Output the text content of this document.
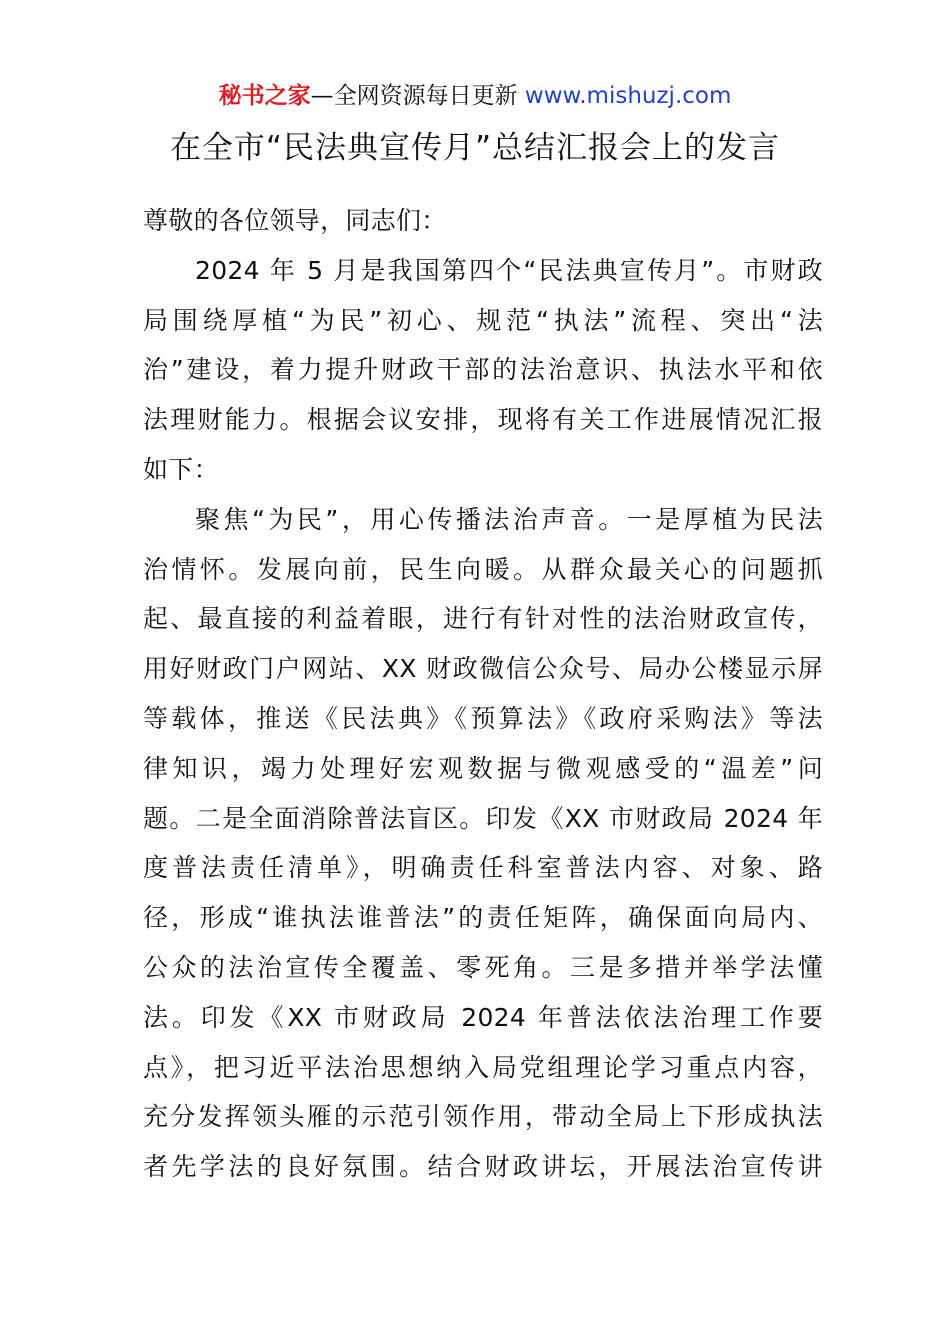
秘书之家—全网资源每日更新 www.mishuzj.com
在全市“民法典宣传月”总结汇报会上的发言
尊敬的各位领导，同志们：
2024 年 5 月是我国第四个“民法典宣传月”。市财政
局围绕厚植“为民”初心、规范“执法”流程、突出“法
治”建设，着力提升财政干部的法治意识、执法水平和依
法理财能力。根据会议安排，现将有关工作进展情况汇报
如下：
聚焦“为民”，用心传播法治声音。一是厚植为民法
治情怀。发展向前，民生向暖。从群众最关心的问题抓
起、最直接的利益着眼，进行有针对性的法治财政宣传，
用好财政门户网站、XX 财政微信公众号、局办公楼显示屏
等载体，推送《民法典》《预算法》《政府采购法》等法
律知识，竭力处理好宏观数据与微观感受的“温差”问
题。二是全面消除普法盲区。印发《XX 市财政局 2024 年
度普法责任清单》，明确责任科室普法内容、对象、路
径，形成“谁执法谁普法”的责任矩阵，确保面向局内、
公众的法治宣传全覆盖、零死角。三是多措并举学法懂
法。印发《XX 市财政局 2024 年普法依法治理工作要
点》，把习近平法治思想纳入局党组理论学习重点内容，
充分发挥领头雁的示范引领作用，带动全局上下形成执法
者先学法的良好氛围。结合财政讲坛，开展法治宣传讲
